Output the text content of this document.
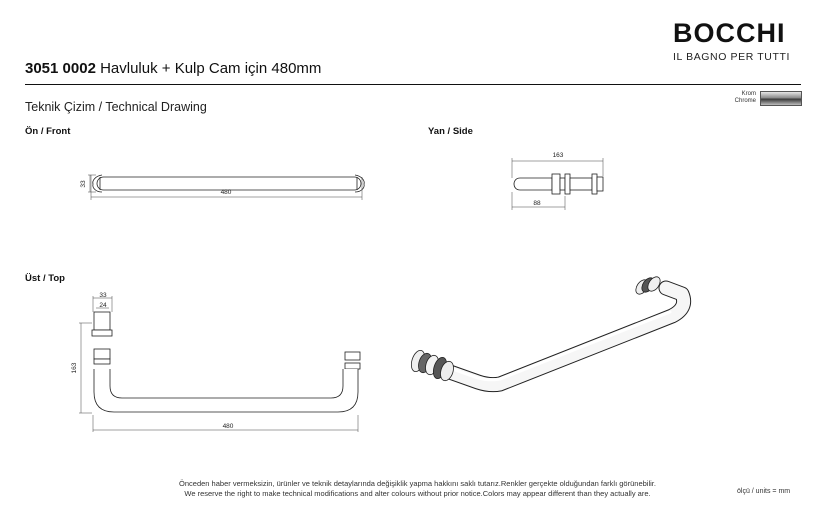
BOCCHI
IL BAGNO PER TUTTI
3051 0002 Havluluk + Kulp Cam için 480mm
Teknik Çizim / Technical Drawing
Krom
Chrome
Ön / Front	Yan / Side
Üst / Top
480
33
163
88
33
24
163
480
Önceden haber vermeksizin, ürünler ve teknik detaylarında değişiklik yapma hakkını saklı tutarız.Renkler gerçekte olduğundan farklı görünebilir.
We reserve the right to make technical modifications and alter colours without prior notice.Colors may appear different than they actually are.	ölçü / units = mm
